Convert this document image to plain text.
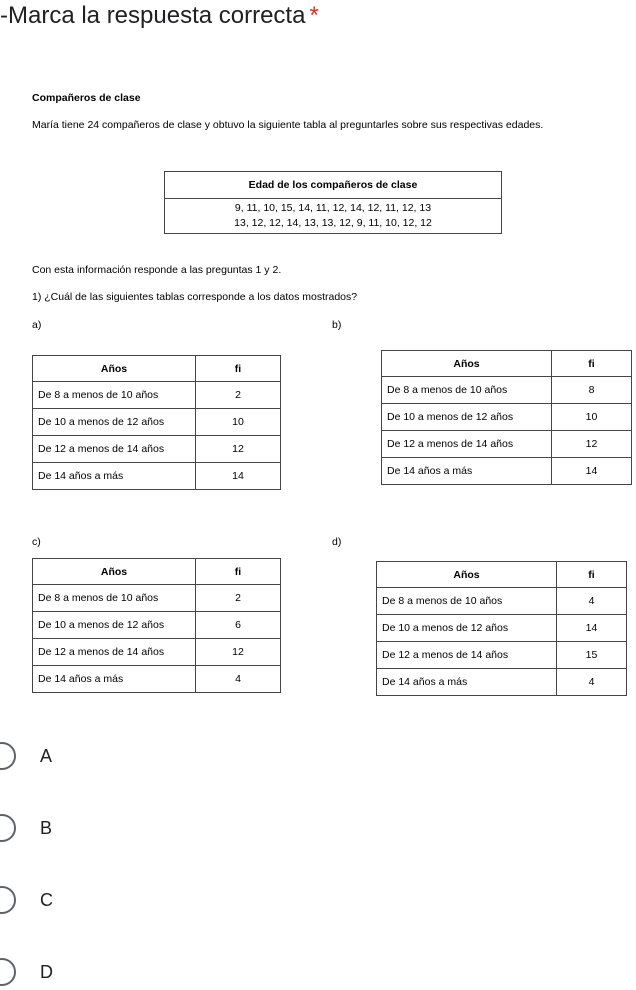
-Marca la respuesta correcta *
Compañeros de clase
María tiene 24 compañeros de clase y obtuvo la siguiente tabla al preguntarles sobre sus respectivas edades.
Edad de los compañeros de clase

9, 11, 10, 15, 14, 11, 12, 14, 12, 11, 12, 13
13, 12, 12, 14, 13, 13, 12, 9, 11, 10, 12, 12
Con esta información responde a las preguntas 1 y 2.
1) ¿Cuál de las siguientes tablas corresponde a los datos mostrados?
a)	b)
c)	d)
Años	fi
De 8 a menos de 10 años	2
De 10 a menos de 12 años	10
De 12 a menos de 14 años	12
De 14 años a más	14
Años	fi
De 8 a menos de 10 años	8
De 10 a menos de 12 años	10
De 12 a menos de 14 años	12
De 14 años a más	14
Años	fi
De 8 a menos de 10 años	2
De 10 a menos de 12 años	6
De 12 a menos de 14 años	12
De 14 años a más	4
Años	fi
De 8 a menos de 10 años	4
De 10 a menos de 12 años	14
De 12 a menos de 14 años	15
De 14 años a más	4
A
B
C
D
